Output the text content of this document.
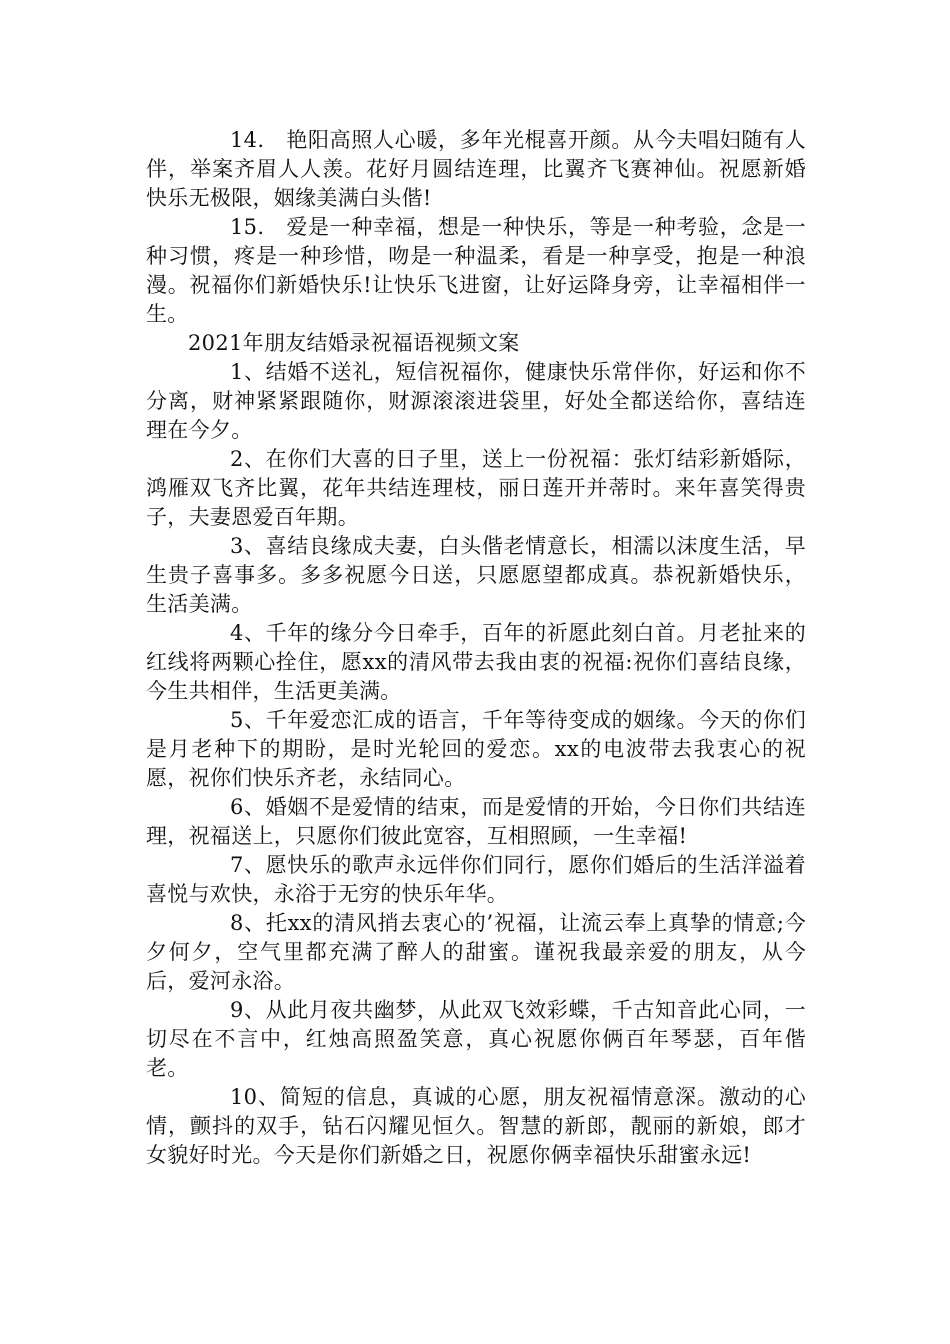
14.　艳阳高照人心暖，多年光棍喜开颜。从今夫唱妇随有人伴，举案齐眉人人羡。花好月圆结连理，比翼齐飞赛神仙。祝愿新婚快乐无极限，姻缘美满白头偕!

15.　爱是一种幸福，想是一种快乐，等是一种考验，念是一种习惯，疼是一种珍惜，吻是一种温柔，看是一种享受，抱是一种浪漫。祝福你们新婚快乐!让快乐飞进窗，让好运降身旁，让幸福相伴一生。

2021年朋友结婚录祝福语视频文案

1、结婚不送礼，短信祝福你，健康快乐常伴你，好运和你不分离，财神紧紧跟随你，财源滚滚进袋里，好处全都送给你，喜结连理在今夕。

2、在你们大喜的日子里，送上一份祝福：张灯结彩新婚际，鸿雁双飞齐比翼，花年共结连理枝，丽日莲开并蒂时。来年喜笑得贵子，夫妻恩爱百年期。

3、喜结良缘成夫妻，白头偕老情意长，相濡以沫度生活，早生贵子喜事多。多多祝愿今日送，只愿愿望都成真。恭祝新婚快乐，生活美满。

4、千年的缘分今日牵手，百年的祈愿此刻白首。月老扯来的红线将两颗心拴住，愿xx的清风带去我由衷的祝福:祝你们喜结良缘，今生共相伴，生活更美满。

5、千年爱恋汇成的语言，千年等待变成的姻缘。今天的你们是月老种下的期盼，是时光轮回的爱恋。xx的电波带去我衷心的祝愿，祝你们快乐齐老，永结同心。

6、婚姻不是爱情的结束，而是爱情的开始，今日你们共结连理，祝福送上，只愿你们彼此宽容，互相照顾，一生幸福!

7、愿快乐的歌声永远伴你们同行，愿你们婚后的生活洋溢着喜悦与欢快，永浴于无穷的快乐年华。

8、托xx的清风捎去衷心的’祝福，让流云奉上真挚的情意;今夕何夕，空气里都充满了醉人的甜蜜。谨祝我最亲爱的朋友，从今后，爱河永浴。

9、从此月夜共幽梦，从此双飞效彩蝶，千古知音此心同，一切尽在不言中，红烛高照盈笑意，真心祝愿你俩百年琴瑟，百年偕老。

10、简短的信息，真诚的心愿，朋友祝福情意深。激动的心情，颤抖的双手，钻石闪耀见恒久。智慧的新郎，靓丽的新娘，郎才女貌好时光。今天是你们新婚之日，祝愿你俩幸福快乐甜蜜永远!
